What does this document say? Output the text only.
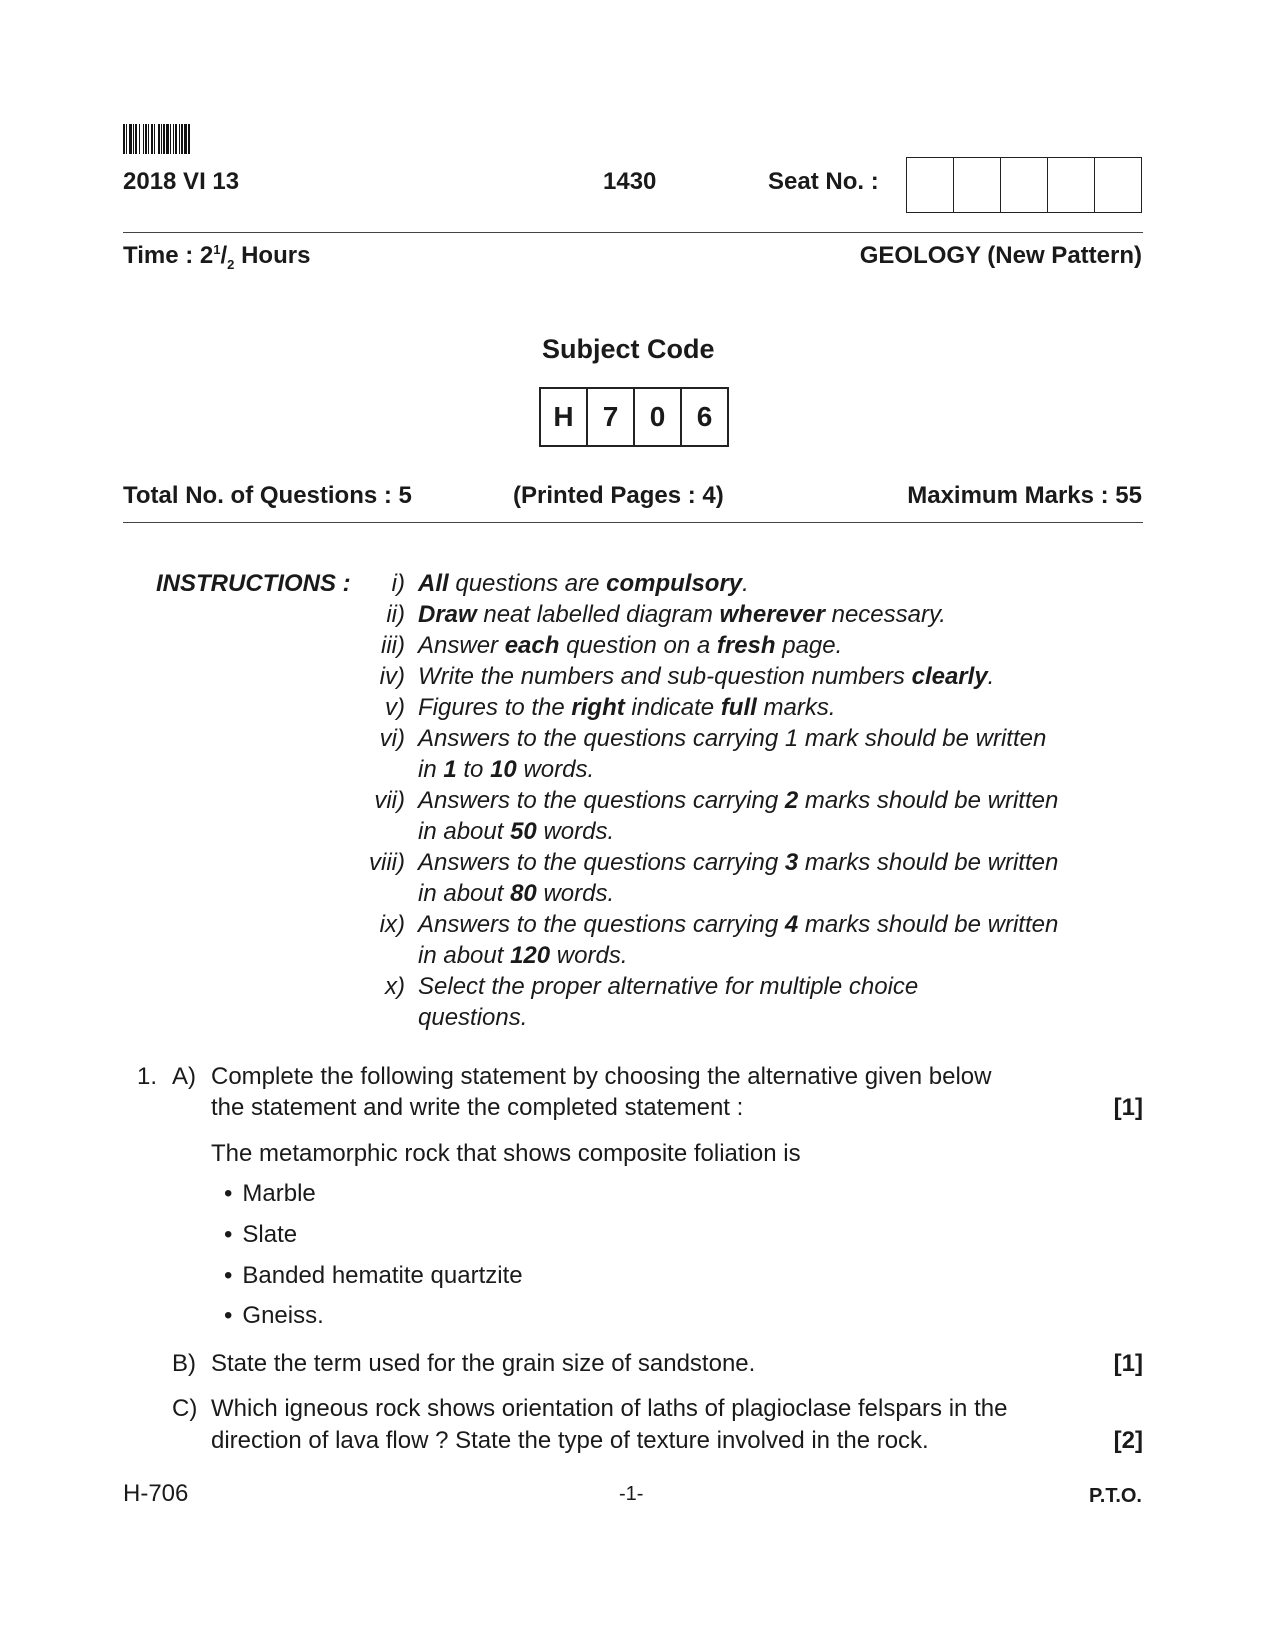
2018 VI 13	1430	Seat No. :
Time : $2^1/_2$ Hours	GEOLOGY (New Pattern)
Subject Code
H	7	0	6
Total No. of Questions : 5	(Printed Pages : 4)	Maximum Marks : 55
INSTRUCTIONS :	i) All questions are compulsory.
ii) Draw neat labelled diagram wherever necessary.
iii) Answer each question on a fresh page.
iv) Write the numbers and sub-question numbers clearly.
v) Figures to the right indicate full marks.
vi) Answers to the questions carrying 1 mark should be written
in 1 to 10 words.
vii) Answers to the questions carrying 2 marks should be written
in about 50 words.
viii) Answers to the questions carrying 3 marks should be written
in about 80 words.
ix) Answers to the questions carrying 4 marks should be written
in about 120 words.
x) Select the proper alternative for multiple choice
questions.
1. A) Complete the following statement by choosing the alternative given below
the statement and write the completed statement :	[1]
The metamorphic rock that shows composite foliation is
• Marble
• Slate
• Banded hematite quartzite
• Gneiss.
B) State the term used for the grain size of sandstone.	[1]
C) Which igneous rock shows orientation of laths of plagioclase felspars in the
direction of lava flow ? State the type of texture involved in the rock.	[2]
H-706	-1-	P.T.O.
